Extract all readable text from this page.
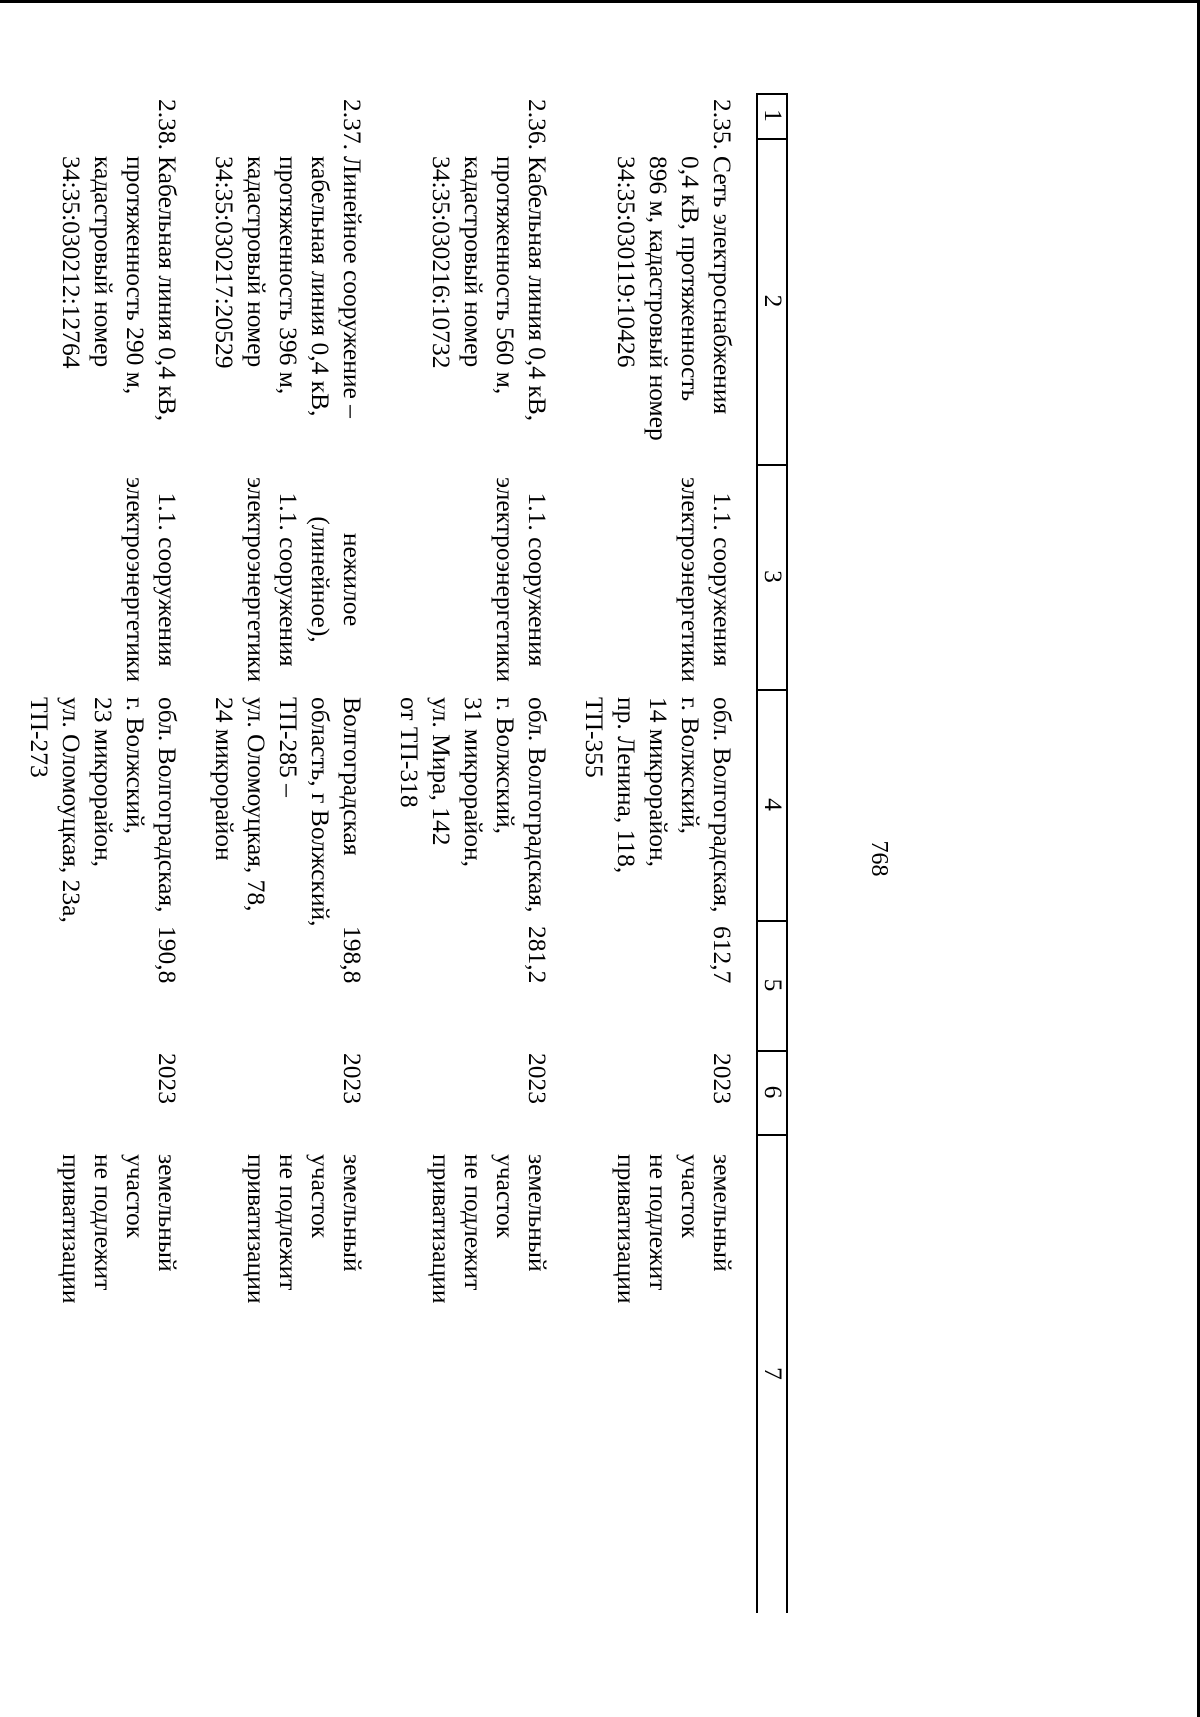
768
1
2
3
4
5
6
7
2.35.
Сеть электроснабжения
0,4 кВ, протяженность
896 м, кадастровый номер
34:35:030119:10426
1.1. сооружения
электроэнергетики
обл. Волгоградская,
г. Волжский,
14 микрорайон,
пр. Ленина, 118,
ТП-355
612,7
2023
земельный
участок
не подлежит
приватизации
2.36.
Кабельная линия 0,4 кВ,
протяженность 560 м,
кадастровый номер
34:35:030216:10732
1.1. сооружения
электроэнергетики
обл. Волгоградская,
г. Волжский,
31 микрорайон,
ул. Мира, 142
от ТП-318
281,2
2023
земельный
участок
не подлежит
приватизации
2.37.
Линейное сооружение –
кабельная линия 0,4 кВ,
протяженность 396 м,
кадастровый номер
34:35:030217:20529
нежилое
(линейное),
1.1. сооружения
электроэнергетики
Волгоградская
область, г Волжский,
ТП-285 –
ул. Оломоуцкая, 78,
24 микрорайон
198,8
2023
земельный
участок
не подлежит
приватизации
2.38.
Кабельная линия 0,4 кВ,
протяженность 290 м,
кадастровый номер
34:35:030212:12764
1.1. сооружения
электроэнергетики
обл. Волгоградская,
г. Волжский,
23 микрорайон,
ул. Оломоуцкая, 23а,
ТП-273
190,8
2023
земельный
участок
не подлежит
приватизации
